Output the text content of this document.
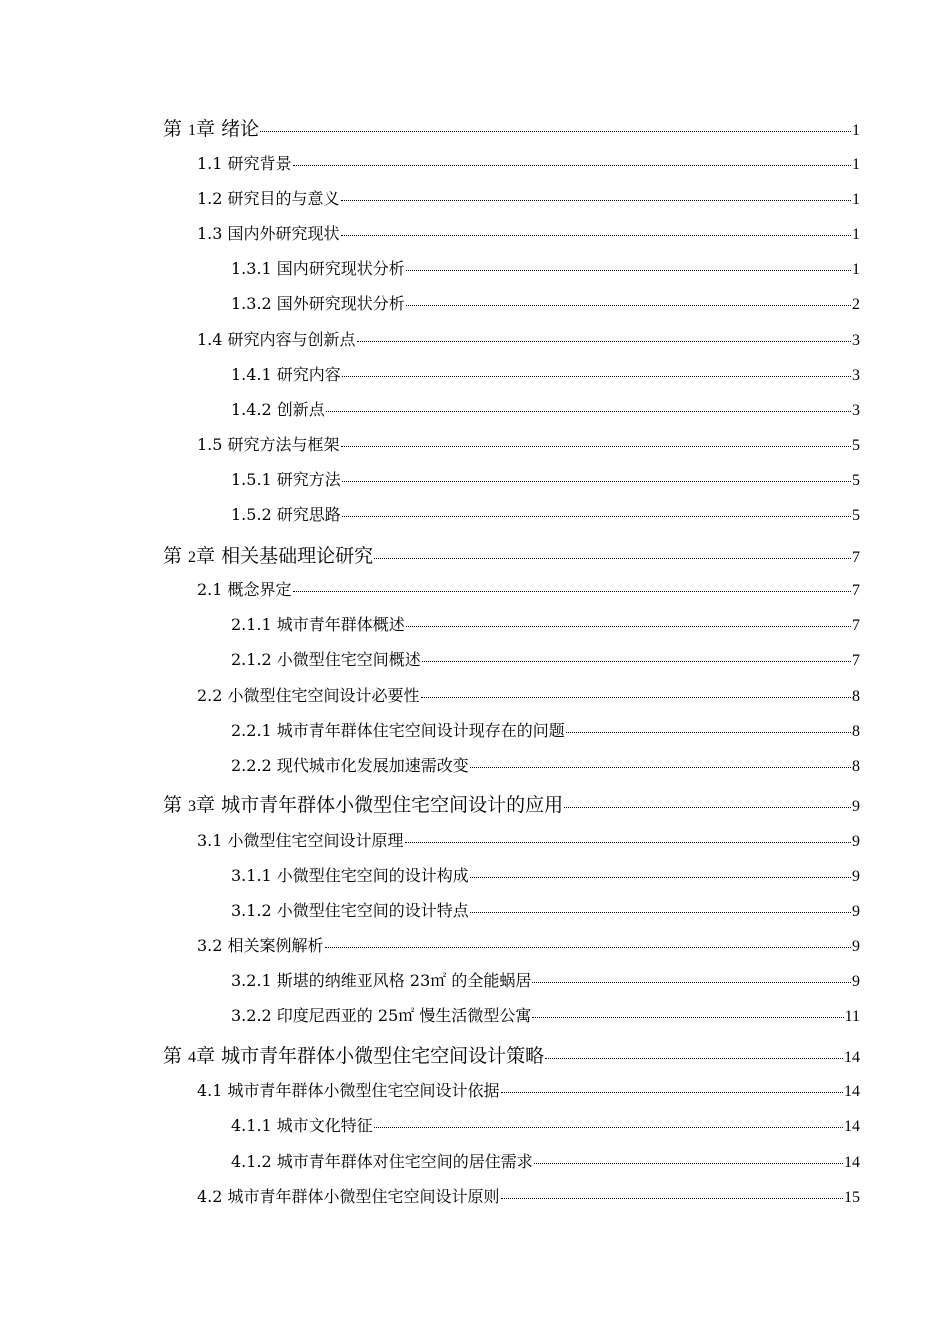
第 1章 绪论	1
1.1 研究背景	1
1.2 研究目的与意义	1
1.3 国内外研究现状	1
1.3.1 国内研究现状分析	1
1.3.2 国外研究现状分析	2
1.4 研究内容与创新点	3
1.4.1 研究内容	3
1.4.2 创新点	3
1.5 研究方法与框架	5
1.5.1 研究方法	5
1.5.2 研究思路	5
第 2章 相关基础理论研究	7
2.1 概念界定	7
2.1.1 城市青年群体概述	7
2.1.2 小微型住宅空间概述	7
2.2 小微型住宅空间设计必要性	8
2.2.1 城市青年群体住宅空间设计现存在的问题	8
2.2.2 现代城市化发展加速需改变	8
第 3章 城市青年群体小微型住宅空间设计的应用	9
3.1 小微型住宅空间设计原理	9
3.1.1 小微型住宅空间的设计构成	9
3.1.2 小微型住宅空间的设计特点	9
3.2 相关案例解析	9
3.2.1 斯堪的纳维亚风格 23㎡ 的全能蜗居	9
3.2.2 印度尼西亚的 25㎡ 慢生活微型公寓	11
第 4章 城市青年群体小微型住宅空间设计策略	14
4.1 城市青年群体小微型住宅空间设计依据	14
4.1.1 城市文化特征	14
4.1.2 城市青年群体对住宅空间的居住需求	14
4.2 城市青年群体小微型住宅空间设计原则	15
